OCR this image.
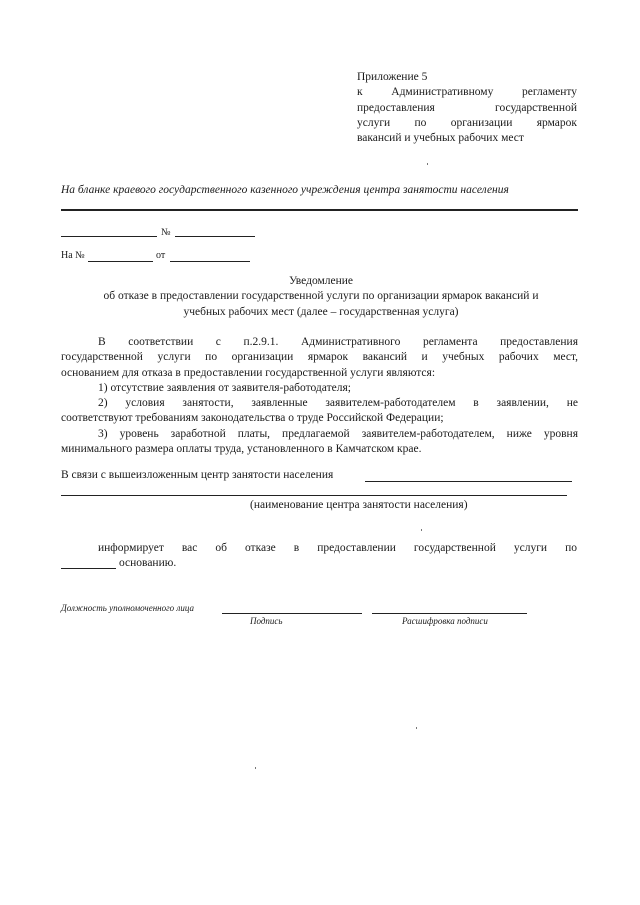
Приложение 5
к Административному регламенту
предоставления государственной
услуги по организации ярмарок
вакансий и учебных рабочих мест
На бланке краевого государственного казенного учреждения центра занятости населения
№
На №	от
Уведомление
об отказе в предоставлении государственной услуги по организации ярмарок вакансий и
учебных рабочих мест (далее – государственная услуга)
В соответствии с п.2.9.1. Административного регламента предоставления
государственной услуги по организации ярмарок вакансий и учебных рабочих мест,
основанием для отказа в предоставлении государственной услуги являются:
1) отсутствие заявления от заявителя-работодателя;
2) условия занятости, заявленные заявителем-работодателем в заявлении, не
соответствуют требованиям законодательства о труде Российской Федерации;
3) уровень заработной платы, предлагаемой заявителем-работодателем, ниже уровня
минимального размера оплаты труда, установленного в Камчатском крае.
В связи с вышеизложенным центр занятости населения
(наименование центра занятости населения)
информирует вас об отказе в предоставлении государственной услуги по
основанию.
Должность уполномоченного лица
Подпись	Расшифровка подписи
